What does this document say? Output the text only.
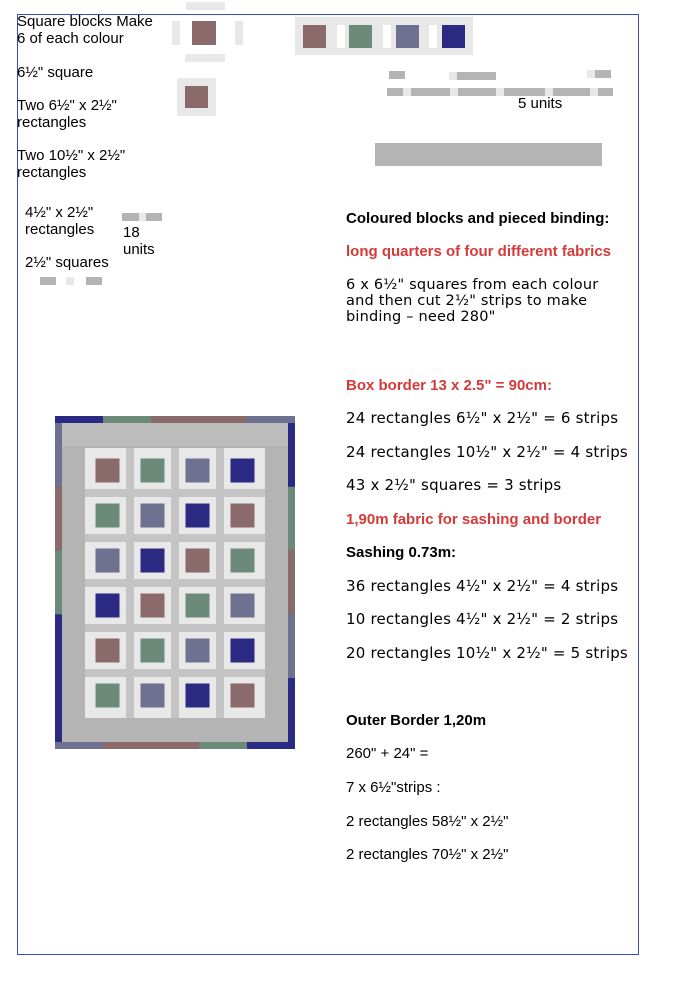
Square blocks Make
6 of each colour
6½" square
Two 6½" x 2½"
rectangles
Two 10½" x 2½"
rectangles
4½" x 2½"
rectangles
2½" squares
18
units
5 units
Coloured blocks and pieced binding:
long quarters of four different fabrics
6 x 6½" squares from each colour
and then cut 2½" strips to make
binding – need 280"
Box border 13 x 2.5" = 90cm:
24 rectangles 6½" x 2½" = 6 strips
24 rectangles 10½" x 2½" = 4 strips
43 x 2½" squares = 3 strips
1,90m fabric for sashing and border
Sashing 0.73m:
36 rectangles 4½" x 2½" = 4 strips
10 rectangles 4½" x 2½" = 2 strips
20 rectangles 10½" x 2½" = 5 strips
Outer Border 1,20m
260" + 24" =
7 x 6½"strips :
2 rectangles 58½" x 2½"
2 rectangles 70½" x 2½"
